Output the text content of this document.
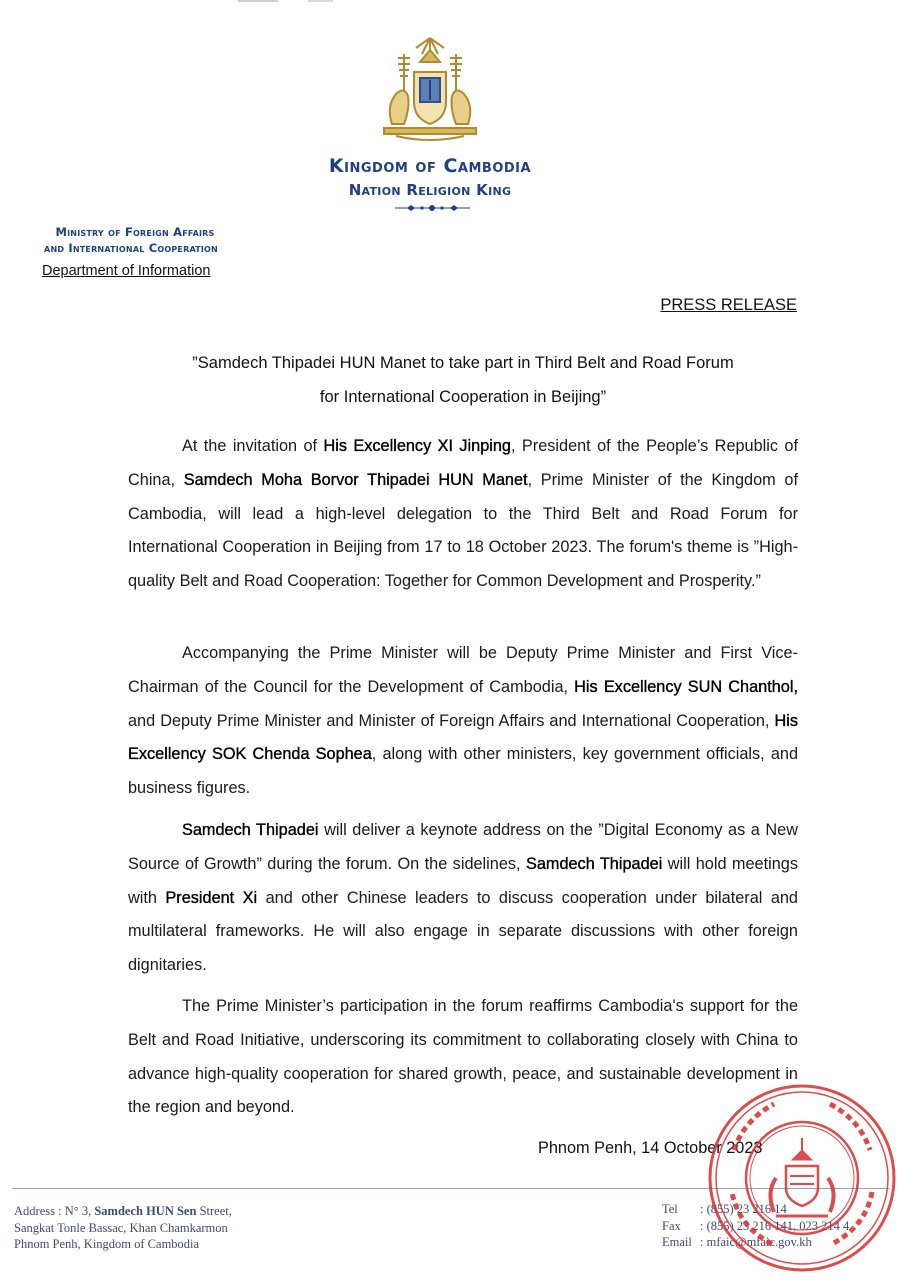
Kingdom of Cambodia
Nation Religion King
Ministry of Foreign Affairs
and International Cooperation
Department of Information
PRESS RELEASE
”Samdech Thipadei HUN Manet to take part in Third Belt and Road Forum
for International Cooperation in Beijing”

At the invitation of His Excellency XI Jinping, President of the People’s Republic of China, Samdech Moha Borvor Thipadei HUN Manet, Prime Minister of the Kingdom of Cambodia, will lead a high-level delegation to the Third Belt and Road Forum for International Cooperation in Beijing from 17 to 18 October 2023. The forum's theme is ”High-quality Belt and Road Cooperation: Together for Common Development and Prosperity.”

Accompanying the Prime Minister will be Deputy Prime Minister and First Vice-Chairman of the Council for the Development of Cambodia, His Excellency SUN Chanthol, and Deputy Prime Minister and Minister of Foreign Affairs and International Cooperation, His Excellency SOK Chenda Sophea, along with other ministers, key government officials, and business figures.

Samdech Thipadei will deliver a keynote address on the ”Digital Economy as a New Source of Growth” during the forum. On the sidelines, Samdech Thipadei will hold meetings with President Xi and other Chinese leaders to discuss cooperation under bilateral and multilateral frameworks. He will also engage in separate discussions with other foreign dignitaries.

The Prime Minister’s participation in the forum reaffirms Cambodia's support for the Belt and Road Initiative, underscoring its commitment to collaborating closely with China to advance high-quality cooperation for shared growth, peace, and sustainable development in the region and beyond.

Phnom Penh, 14 October 2023
Address : N° 3, Samdech HUN Sen Street,
Sangkat Tonle Bassac, Khan Chamkarmon
Phnom Penh, Kingdom of Cambodia
Tel : (855) 23 216 14
Fax : (855) 23 216 141, 023 214 4
Email : mfaic@mfaic.gov.kh
